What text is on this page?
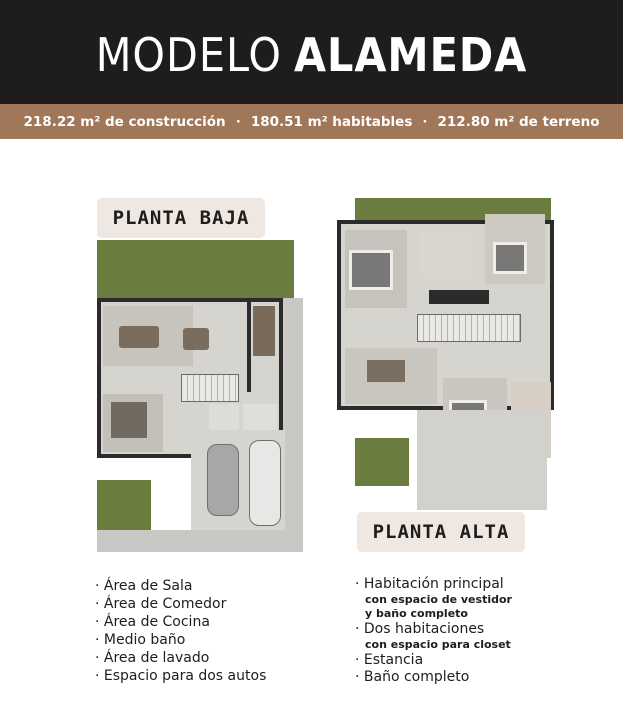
MODELO ALAMEDA
218.22 m² de construcción · 180.51 m² habitables · 212.80 m² de terreno
PLANTA BAJA
PLANTA ALTA
· Área de Sala
· Área de Comedor
· Área de Cocina
· Medio baño
· Área de lavado
· Espacio para dos autos
· Habitación principal
con espacio de vestidor
y baño completo
· Dos habitaciones
con espacio para closet
· Estancia
· Baño completo
